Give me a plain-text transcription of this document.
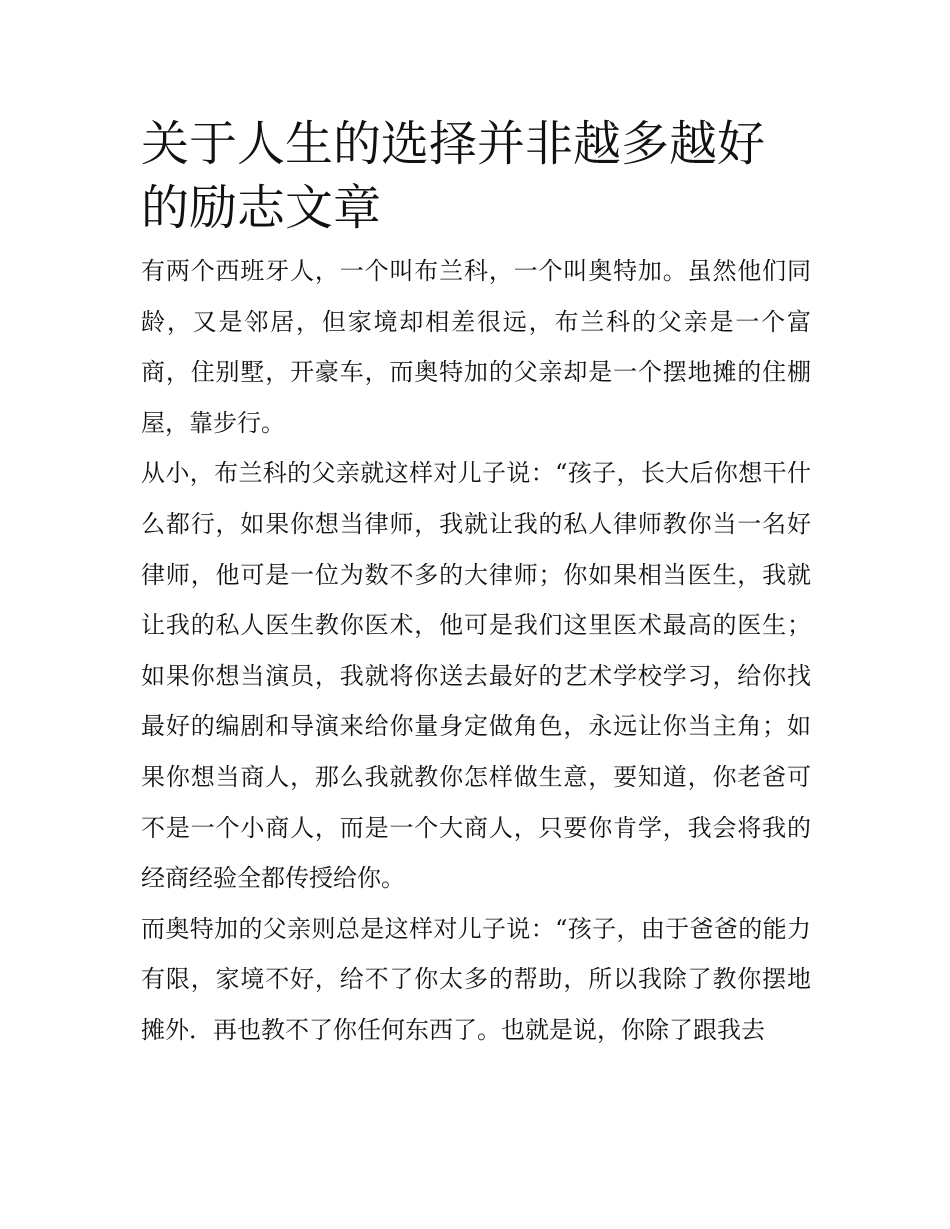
关于人生的选择并非越多越好的励志文章

有两个西班牙人，一个叫布兰科，一个叫奥特加。虽然他们同龄，又是邻居，但家境却相差很远，布兰科的父亲是一个富商，住别墅，开豪车，而奥特加的父亲却是一个摆地摊的住棚屋，靠步行。

从小，布兰科的父亲就这样对儿子说：“孩子，长大后你想干什么都行，如果你想当律师，我就让我的私人律师教你当一名好律师，他可是一位为数不多的大律师；你如果相当医生，我就让我的私人医生教你医术，他可是我们这里医术最高的医生；如果你想当演员，我就将你送去最好的艺术学校学习，给你找最好的编剧和导演来给你量身定做角色，永远让你当主角；如果你想当商人，那么我就教你怎样做生意，要知道，你老爸可不是一个小商人，而是一个大商人，只要你肯学，我会将我的经商经验全都传授给你。

而奥特加的父亲则总是这样对儿子说：“孩子，由于爸爸的能力有限，家境不好，给不了你太多的帮助，所以我除了教你摆地摊外．再也教不了你任何东西了。也就是说，你除了跟我去
